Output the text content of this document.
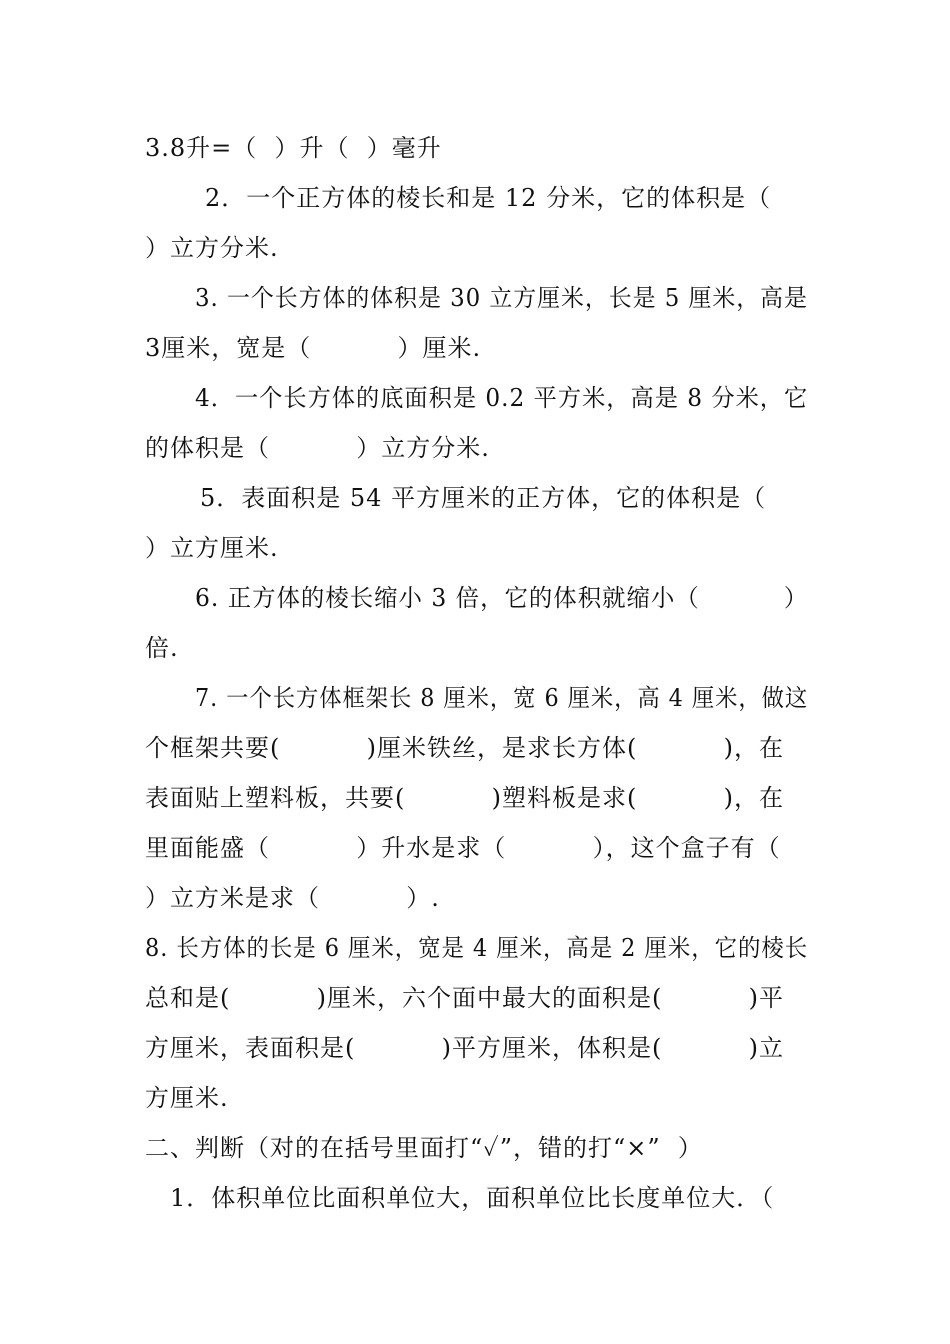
3.8升=（  ）升（  ）毫升
2．一个正方体的棱长和是 12 分米，它的体积是（
）立方分米.
3. 一个长方体的体积是 30 立方厘米，长是 5 厘米，高是
3厘米，宽是（          ）厘米.
4．一个长方体的底面积是 0.2 平方米，高是 8 分米，它
的体积是（          ）立方分米.
5．表面积是 54 平方厘米的正方体，它的体积是（
）立方厘米.
6. 正方体的棱长缩小 3 倍，它的体积就缩小（          ）
倍.
7. 一个长方体框架长 8 厘米，宽 6 厘米，高 4 厘米，做这
个框架共要(          )厘米铁丝，是求长方体(          )，在
表面贴上塑料板，共要(          )塑料板是求(          )，在
里面能盛（          ）升水是求（          ），这个盒子有（
）立方米是求（          ）.
8. 长方体的长是 6 厘米，宽是 4 厘米，高是 2 厘米，它的棱长
总和是(          )厘米，六个面中最大的面积是(          )平
方厘米，表面积是(          )平方厘米，体积是(          )立
方厘米.
二、判断（对的在括号里面打“✓”，错的打“×”  ）
1．体积单位比面积单位大，面积单位比长度单位大．（
